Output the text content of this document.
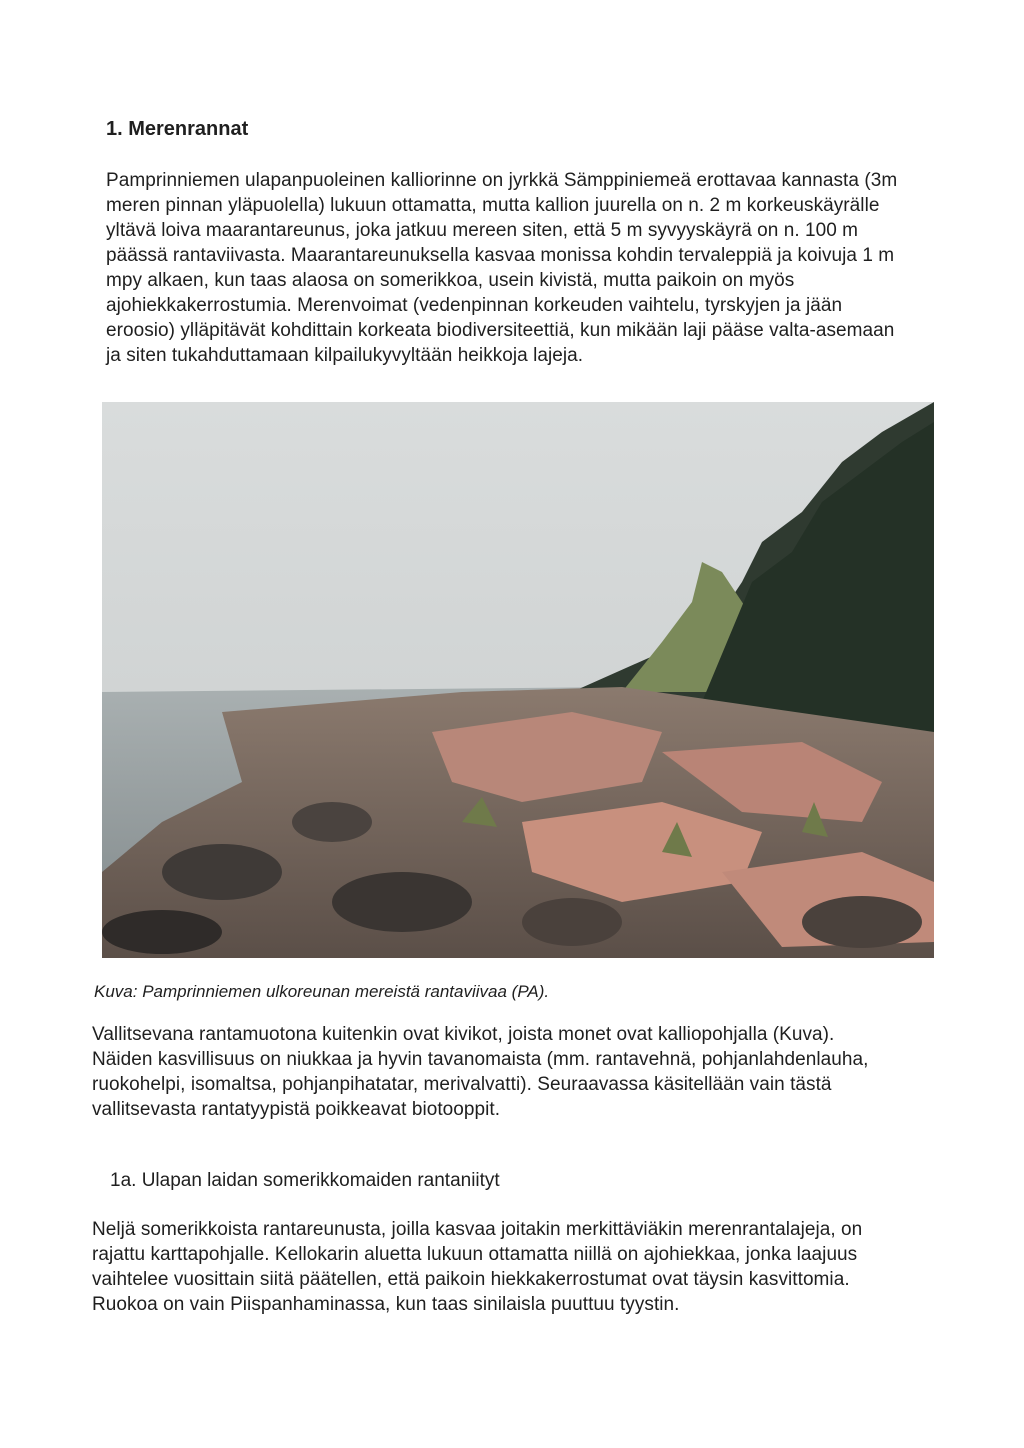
1. Merenrannat

Pamprinniemen ulapanpuoleinen kalliorinne on jyrkkä Sämppiniemeä erottavaa kannasta (3m meren pinnan yläpuolella) lukuun ottamatta, mutta kallion juurella on n. 2 m korkeuskäyrälle yltävä loiva maarantareunus, joka jatkuu mereen siten, että 5 m syvyyskäyrä on n. 100 m päässä rantaviivasta. Maarantareunuksella kasvaa monissa kohdin tervaleppiä ja koivuja 1 m mpy alkaen, kun taas alaosa on somerikkoa, usein kivistä, mutta paikoin on myös ajohiekkakerrostumia. Merenvoimat (vedenpinnan korkeuden vaihtelu, tyrskyjen ja jään eroosio) ylläpitävät kohdittain korkeata biodiversiteettiä, kun mikään laji pääse valta-asemaan ja siten tukahduttamaan kilpailukyvyltään heikkoja lajeja.

Kuva: Pamprinniemen ulkoreunan mereistä rantaviivaa (PA).

Vallitsevana rantamuotona kuitenkin ovat kivikot, joista monet ovat kalliopohjalla (Kuva). Näiden kasvillisuus on niukkaa ja hyvin tavanomaista (mm. rantavehnä, pohjanlahdenlauha, ruokohelpi, isomaltsa, pohjanpihatatar, merivalvatti). Seuraavassa käsitellään vain tästä vallitsevasta rantatyypistä poikkeavat biotooppit.

1a. Ulapan laidan somerikkomaiden rantaniityt

Neljä somerikkoista rantareunusta, joilla kasvaa joitakin merkittäviäkin merenrantalajeja, on rajattu karttapohjalle. Kellokarin aluetta lukuun ottamatta niillä on ajohiekkaa, jonka laajuus vaihtelee vuosittain siitä päätellen, että paikoin hiekkakerrostumat ovat täysin kasvittomia. Ruokoa on vain Piispanhaminassa, kun taas sinilaisla puuttuu tyystin.
